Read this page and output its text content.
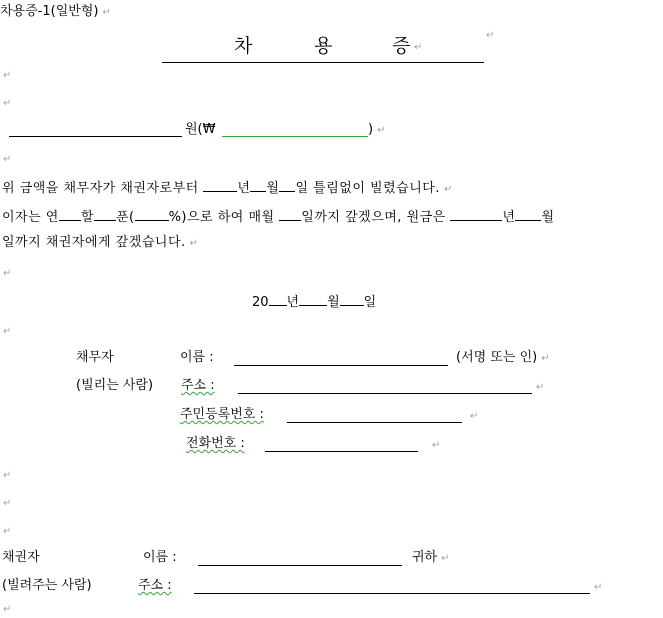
차용증-1(일반형) ↵
차	용	증 ↵
↵
↵
↵
원(₩	) ↵
↵
위 금액을 채무자가 채권자로부터	년 월 일 틀림없이 빌렸습니다. ↵
이자는 연 할 푼(	%)으로 하여 매월 일까지 갚겠으며, 원금은	년 월
일까지 채권자에게 갚겠습니다. ↵
↵
20 년 월 일
↵
채무자	이름 :	(서명 또는 인) ↵
(빌리는 사람) 주소 :	↵
주민등록번호 :	↵
전화번호 :	↵
↵
↵
↵
채권자	이름 :	귀하 ↵
(빌려주는 사람)	주소 :	↵
↵
